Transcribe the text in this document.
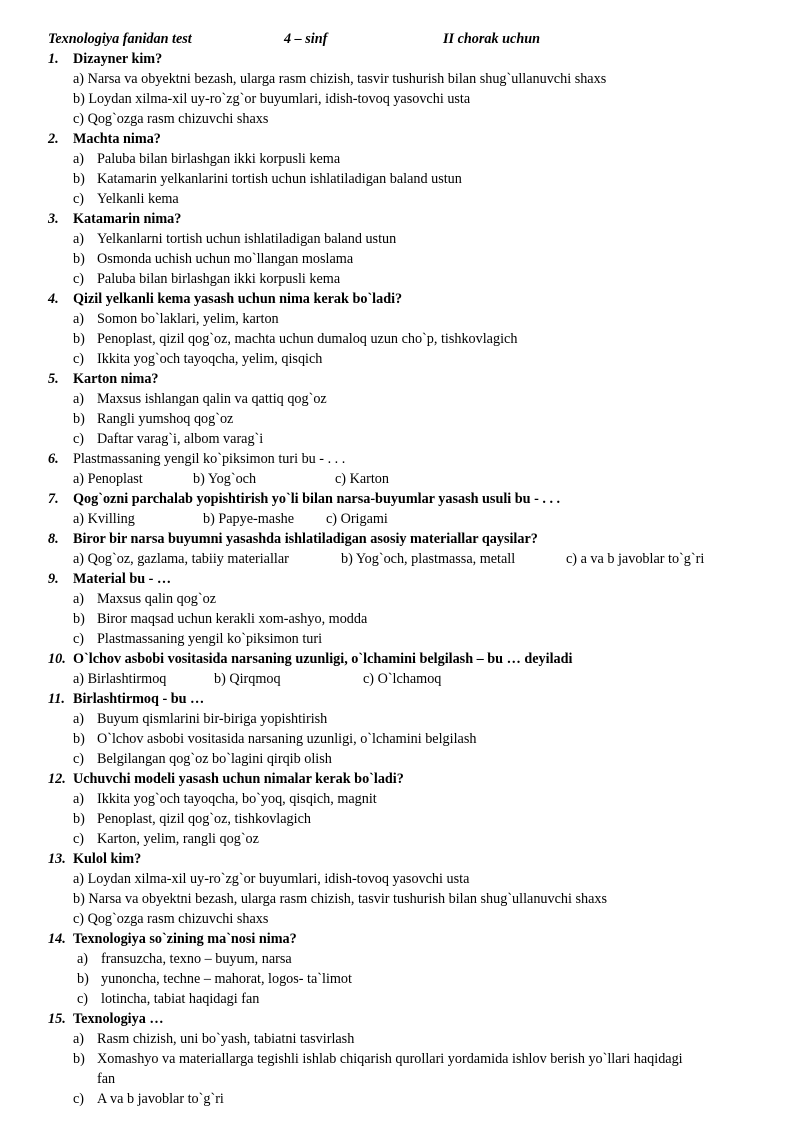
Texnologiya fanidan test	4 – sinf	II chorak uchun
1. Dizayner kim?
a) Narsa va obyektni bezash, ularga rasm chizish, tasvir tushurish bilan shug`ullanuvchi shaxs
b) Loydan xilma-xil uy-ro`zg`or buyumlari, idish-tovoq yasovchi usta
c) Qog`ozga rasm chizuvchi shaxs
2. Machta nima?
a) Paluba bilan birlashgan ikki korpusli kema
b) Katamarin yelkanlarini tortish uchun ishlatiladigan baland ustun
c) Yelkanli kema
3. Katamarin nima?
a) Yelkanlarni tortish uchun ishlatiladigan baland ustun
b) Osmonda uchish uchun mo`llangan moslama
c) Paluba bilan birlashgan ikki korpusli kema
4. Qizil yelkanli kema yasash uchun nima kerak bo`ladi?
a) Somon bo`laklari, yelim, karton
b) Penoplast, qizil qog`oz, machta uchun dumaloq uzun cho`p, tishkovlagich
c) Ikkita yog`och tayoqcha, yelim, qisqich
5. Karton nima?
a) Maxsus ishlangan qalin va qattiq qog`oz
b) Rangli yumshoq qog`oz
c) Daftar varag`i, albom varag`i
6. Plastmassaning yengil ko`piksimon turi bu - . . .
a) Penoplast	b) Yog`och	c) Karton
7. Qog`ozni parchalab yopishtirish yo`li bilan narsa-buyumlar yasash usuli bu - . . .
a) Kvilling	b) Papye-mashe c) Origami
8. Biror bir narsa buyumni yasashda ishlatiladigan asosiy materiallar qaysilar?
a) Qog`oz, gazlama, tabiiy materiallar	b) Yog`och, plastmassa, metall	c) a va b javoblar to`g`ri
9. Material bu - …
a) Maxsus qalin qog`oz
b) Biror maqsad uchun kerakli xom-ashyo, modda
c) Plastmassaning yengil ko`piksimon turi
10. O`lchov asbobi vositasida narsaning uzunligi, o`lchamini belgilash – bu … deyiladi
a) Birlashtirmoq	b) Qirqmoq	c) O`lchamoq
11. Birlashtirmoq - bu …
a) Buyum qismlarini bir-biriga yopishtirish
b) O`lchov asbobi vositasida narsaning uzunligi, o`lchamini belgilash
c) Belgilangan qog`oz bo`lagini qirqib olish
12. Uchuvchi modeli yasash uchun nimalar kerak bo`ladi?
a) Ikkita yog`och tayoqcha, bo`yoq, qisqich, magnit
b) Penoplast, qizil qog`oz, tishkovlagich
c) Karton, yelim, rangli qog`oz
13. Kulol kim?
a) Loydan xilma-xil uy-ro`zg`or buyumlari, idish-tovoq yasovchi usta
b) Narsa va obyektni bezash, ularga rasm chizish, tasvir tushurish bilan shug`ullanuvchi shaxs
c) Qog`ozga rasm chizuvchi shaxs
14. Texnologiya so`zining ma`nosi nima?
a) fransuzcha, texno – buyum, narsa
b) yunoncha, techne – mahorat, logos- ta`limot
c) lotincha, tabiat haqidagi fan
15. Texnologiya …
a) Rasm chizish, uni bo`yash, tabiatni tasvirlash
b) Xomashyo va materiallarga tegishli ishlab chiqarish qurollari yordamida ishlov berish yo`llari haqidagi
fan
c) A va b javoblar to`g`ri
